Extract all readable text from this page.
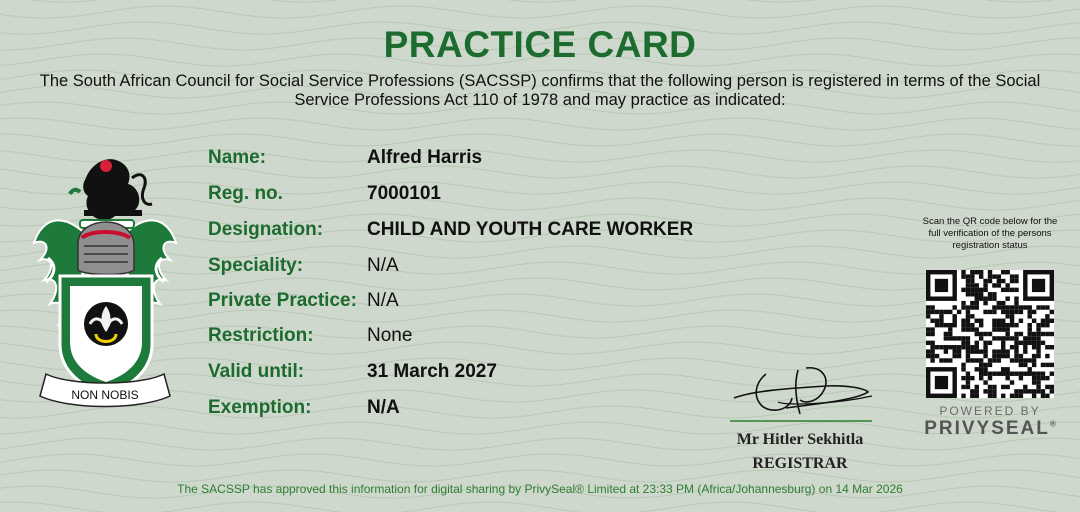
PRACTICE CARD
The South African Council for Social Service Professions (SACSSP) confirms that the following person is registered in terms of the Social
Service Professions Act 110 of 1978 and may practice as indicated:
NON NOBIS
Name:	Alfred Harris
Reg. no.	7000101
Designation: CHILD AND YOUTH CARE WORKER
Speciality:	N/A
Private Practice: N/A
Restriction:	None
Valid until:	31 March 2027
Exemption:	N/A
Mr Hitler Sekhitla
REGISTRAR
Scan the QR code below for the full verification of the persons registration status
POWERED BY
PRIVYSEAL®
The SACSSP has approved this information for digital sharing by PrivySeal® Limited at 23:33 PM (Africa/Johannesburg) on 14 Mar 2026
